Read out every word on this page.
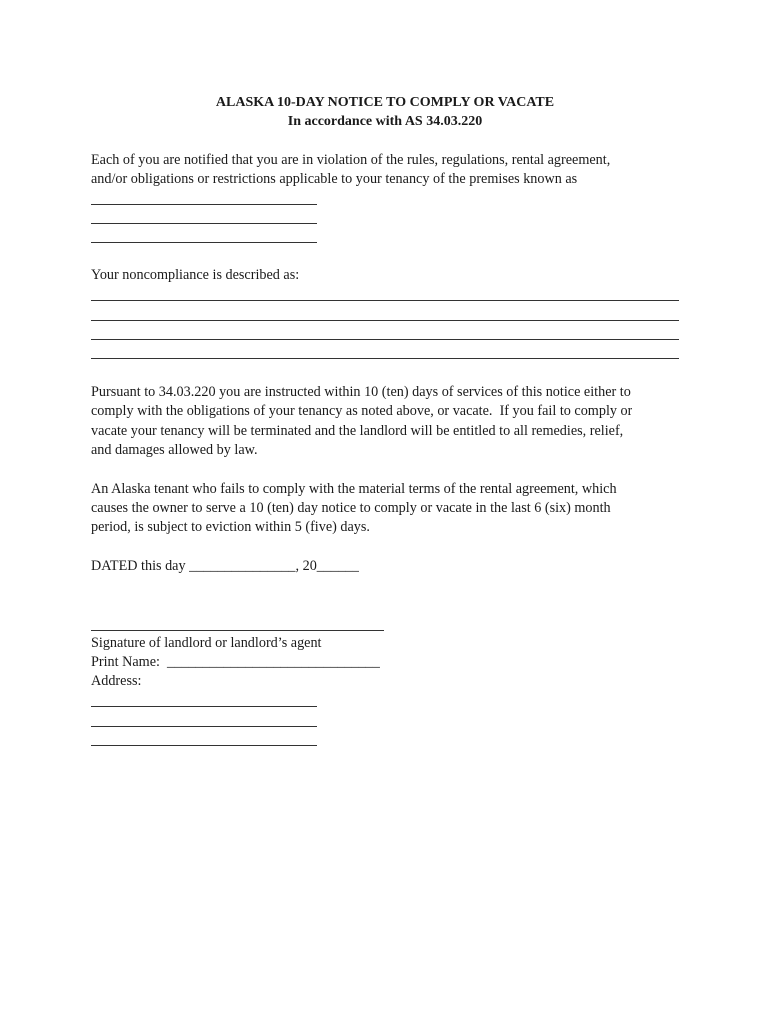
ALASKA 10-DAY NOTICE TO COMPLY OR VACATE
In accordance with AS 34.03.220
Each of you are notified that you are in violation of the rules, regulations, rental agreement,
and/or obligations or restrictions applicable to your tenancy of the premises known as
Your noncompliance is described as:
Pursuant to 34.03.220 you are instructed within 10 (ten) days of services of this notice either to
comply with the obligations of your tenancy as noted above, or vacate.  If you fail to comply or
vacate your tenancy will be terminated and the landlord will be entitled to all remedies, relief,
and damages allowed by law.
An Alaska tenant who fails to comply with the material terms of the rental agreement, which
causes the owner to serve a 10 (ten) day notice to comply or vacate in the last 6 (six) month
period, is subject to eviction within 5 (five) days.
DATED this day _______________, 20______
Signature of landlord or landlord’s agent
Print Name:  ______________________________
Address:
